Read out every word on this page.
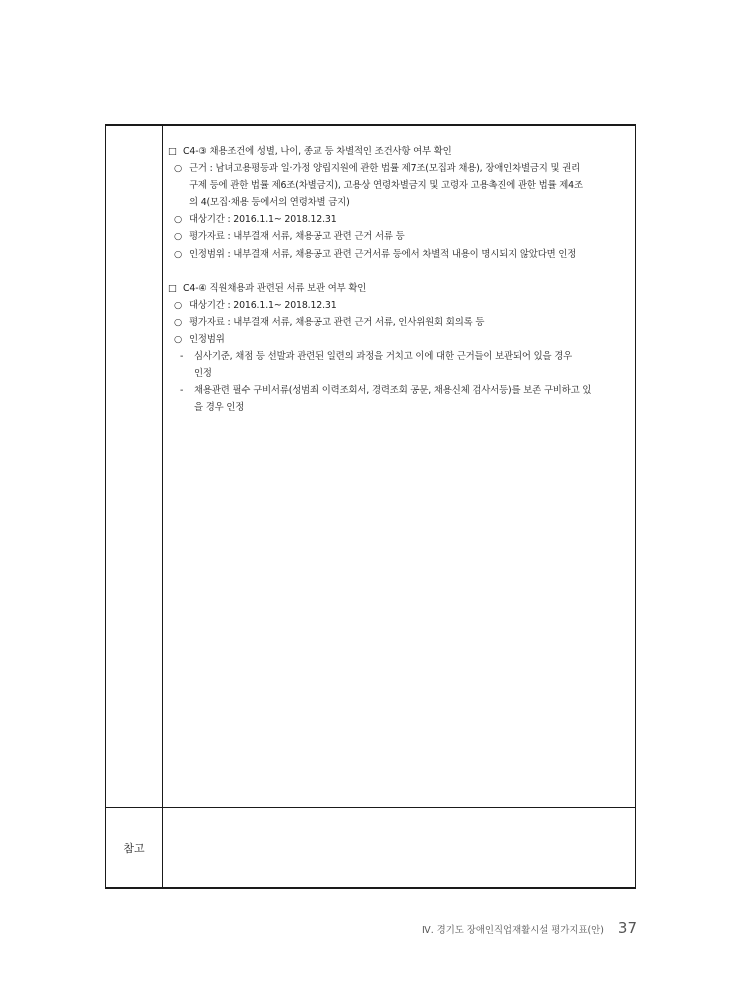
□ C4-③ 채용조건에 성별, 나이, 종교 등 차별적인 조건사항 여부 확인
○ 근거 : 남녀고용평등과 일·가정 양립지원에 관한 법률 제7조(모집과 채용), 장애인차별금지 및 권리
구제 등에 관한 법률 제6조(차별금지), 고용상 연령차별금지 및 고령자 고용촉진에 관한 법률 제4조
의 4(모집·채용 등에서의 연령차별 금지)
○ 대상기간 : 2016.1.1~ 2018.12.31
○ 평가자료 : 내부결재 서류, 채용공고 관련 근거 서류 등
○ 인정범위 : 내부결재 서류, 채용공고 관련 근거서류 등에서 차별적 내용이 명시되지 않았다면 인정
□ C4-④ 직원채용과 관련된 서류 보관 여부 확인
○ 대상기간 : 2016.1.1~ 2018.12.31
○ 평가자료 : 내부결재 서류, 채용공고 관련 근거 서류, 인사위원회 회의록 등
○ 인정범위
-	심사기준, 채점 등 선발과 관련된 일련의 과정을 거치고 이에 대한 근거들이 보관되어 있을 경우
인정
-	채용관련 필수 구비서류(성범죄 이력조회서, 경력조회 공문, 채용신체 검사서등)를 보존 구비하고 있
을 경우 인정
참고
Ⅳ. 경기도 장애인직업재활시설 평가지표(안) 37
